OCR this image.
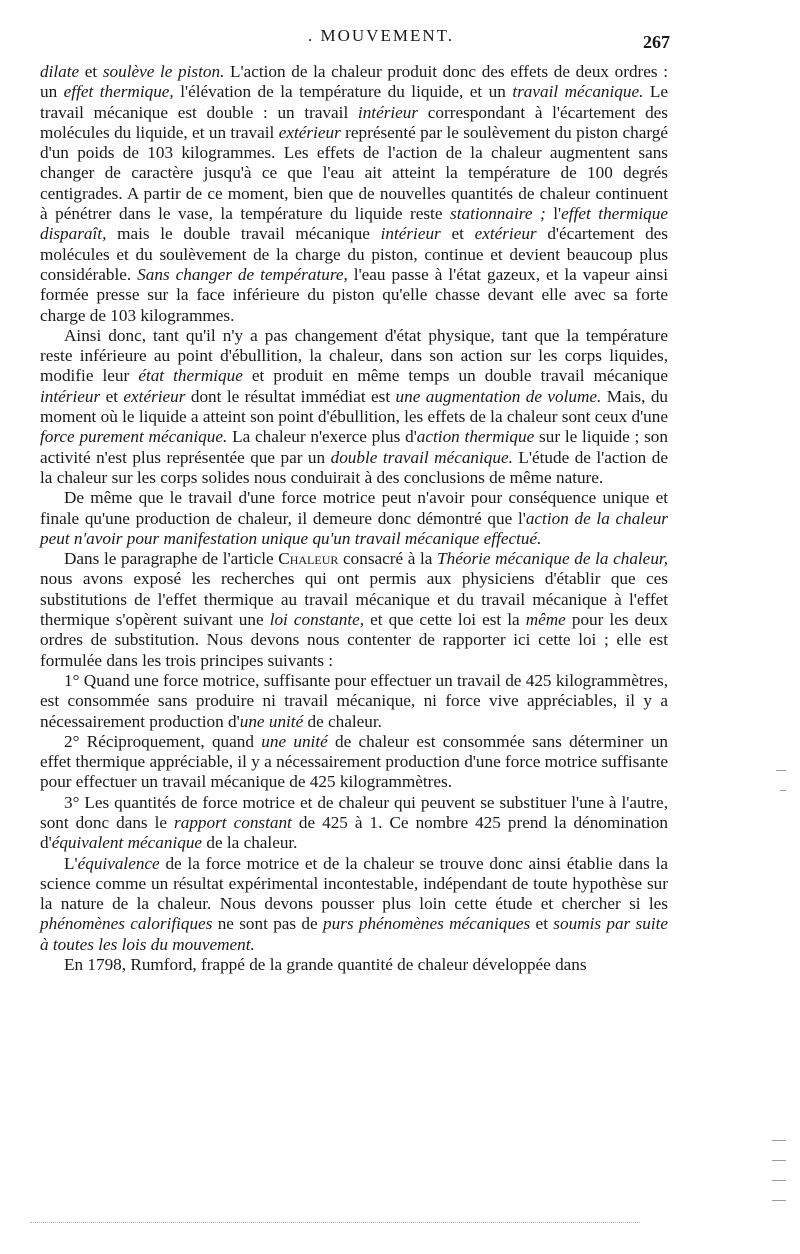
. MOUVEMENT.	267

dilate et soulève le piston. L'action de la chaleur produit donc des effets de deux ordres : un effet thermique, l'élévation de la température du liquide, et un travail mécanique. Le travail mécanique est double : un travail intérieur correspondant à l'écartement des molécules du liquide, et un travail extérieur représenté par le soulèvement du piston chargé d'un poids de 103 kilogrammes. Les effets de l'action de la chaleur augmentent sans changer de caractère jusqu'à ce que l'eau ait atteint la température de 100 degrés centigrades. A partir de ce moment, bien que de nouvelles quantités de chaleur continuent à pénétrer dans le vase, la température du liquide reste stationnaire ; l'effet thermique disparaît, mais le double travail mécanique intérieur et extérieur d'écartement des molécules et du soulèvement de la charge du piston, continue et devient beaucoup plus considérable. Sans changer de température, l'eau passe à l'état gazeux, et la vapeur ainsi formée presse sur la face inférieure du piston qu'elle chasse devant elle avec sa forte charge de 103 kilogrammes.

Ainsi donc, tant qu'il n'y a pas changement d'état physique, tant que la température reste inférieure au point d'ébullition, la chaleur, dans son action sur les corps liquides, modifie leur état thermique et produit en même temps un double travail mécanique intérieur et extérieur dont le résultat immédiat est une augmentation de volume. Mais, du moment où le liquide a atteint son point d'ébullition, les effets de la chaleur sont ceux d'une force purement mécanique. La chaleur n'exerce plus d'action thermique sur le liquide ; son activité n'est plus représentée que par un double travail mécanique. L'étude de l'action de la chaleur sur les corps solides nous conduirait à des conclusions de même nature.

De même que le travail d'une force motrice peut n'avoir pour conséquence unique et finale qu'une production de chaleur, il demeure donc démontré que l'action de la chaleur peut n'avoir pour manifestation unique qu'un travail mécanique effectué.

Dans le paragraphe de l'article Chaleur consacré à la Théorie mécanique de la chaleur, nous avons exposé les recherches qui ont permis aux physiciens d'établir que ces substitutions de l'effet thermique au travail mécanique et du travail mécanique à l'effet thermique s'opèrent suivant une loi constante, et que cette loi est la même pour les deux ordres de substitution. Nous devons nous contenter de rapporter ici cette loi ; elle est formulée dans les trois principes suivants :

1° Quand une force motrice, suffisante pour effectuer un travail de 425 kilogrammètres, est consommée sans produire ni travail mécanique, ni force vive appréciables, il y a nécessairement production d'une unité de chaleur.

2° Réciproquement, quand une unité de chaleur est consommée sans déterminer un effet thermique appréciable, il y a nécessairement production d'une force motrice suffisante pour effectuer un travail mécanique de 425 kilogrammètres.

3° Les quantités de force motrice et de chaleur qui peuvent se substituer l'une à l'autre, sont donc dans le rapport constant de 425 à 1. Ce nombre 425 prend la dénomination d'équivalent mécanique de la chaleur.

L'équivalence de la force motrice et de la chaleur se trouve donc ainsi établie dans la science comme un résultat expérimental incontestable, indépendant de toute hypothèse sur la nature de la chaleur. Nous devons pousser plus loin cette étude et chercher si les phénomènes calorifiques ne sont pas de purs phénomènes mécaniques et soumis par suite à toutes les lois du mouvement.

En 1798, Rumford, frappé de la grande quantité de chaleur développée dans
